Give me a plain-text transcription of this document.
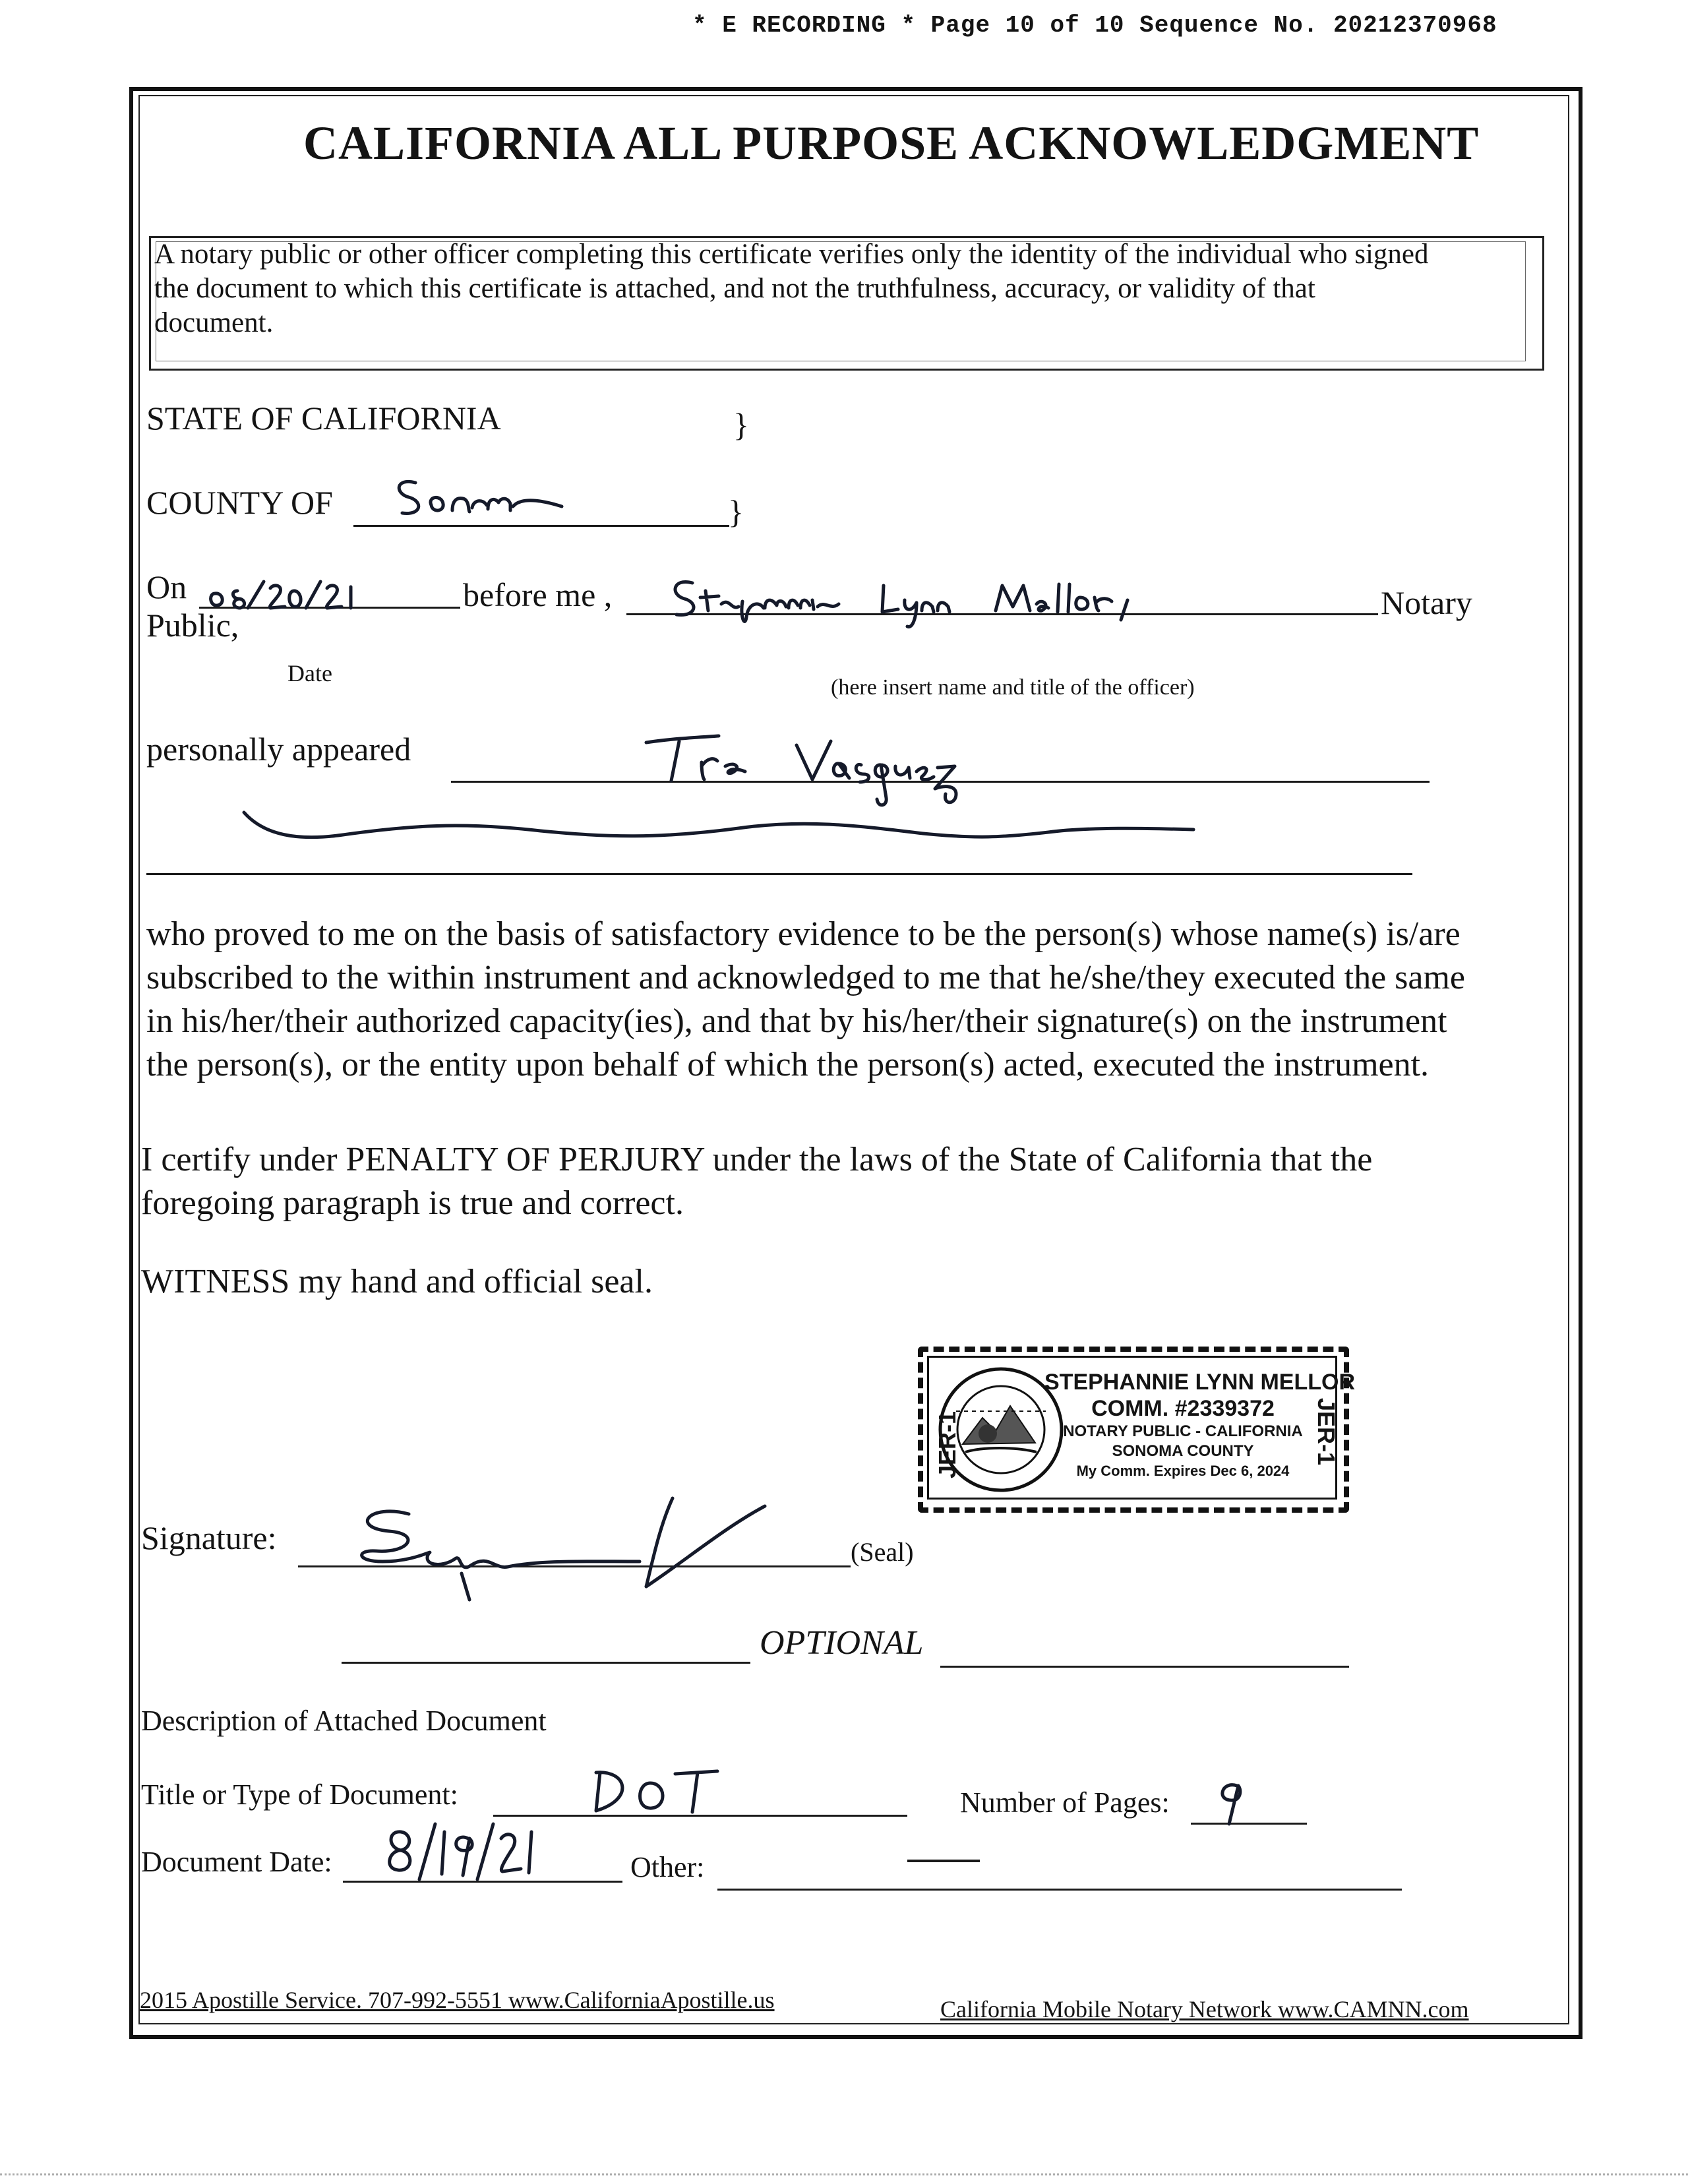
* E RECORDING * Page 10 of 10 Sequence No. 20212370968
CALIFORNIA ALL PURPOSE ACKNOWLEDGMENT
A notary public or other officer completing this certificate verifies only the identity of the individual who signed
the document to which this certificate is attached, and not the truthfulness, accuracy, or validity of that
document.
STATE OF CALIFORNIA	}
COUNTY OF	}
On	before me ,	Notary
Public,
Date
(here insert name and title of the officer)
personally appeared
who proved to me on the basis of satisfactory evidence to be the person(s) whose name(s) is/are
subscribed to the within instrument and acknowledged to me that he/she/they executed the same
in his/her/their authorized capacity(ies), and that by his/her/their signature(s) on the instrument
the person(s), or the entity upon behalf of which the person(s) acted, executed the instrument.
I certify under PENALTY OF PERJURY under the laws of the State of California that the
foregoing paragraph is true and correct.
WITNESS my hand and official seal.
JER-1	JER-1
STEPHANNIE LYNN MELLOR
COMM. #2339372
NOTARY PUBLIC - CALIFORNIA
SONOMA COUNTY
My Comm. Expires Dec 6, 2024
Signature:	(Seal)
OPTIONAL
Description of Attached Document
Title or Type of Document:	Number of Pages:
Document Date:	Other:
2015 Apostille Service. 707-992-5551 www.CaliforniaApostille.us	California Mobile Notary Network www.CAMNN.com
